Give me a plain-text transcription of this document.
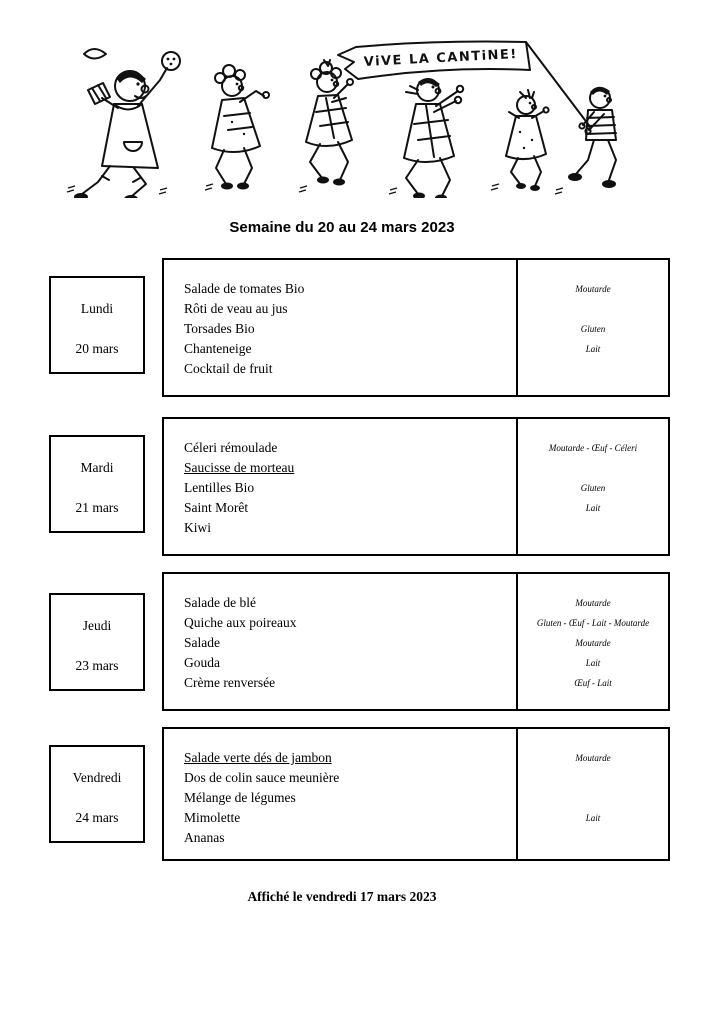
ViVE LA CANTiNE!
Semaine du 20 au 24 mars 2023
Lundi
20 mars
Salade de tomates Bio
Rôti de veau au jus
Torsades Bio
Chanteneige
Cocktail de fruit
Moutarde
Gluten
Lait
Mardi
21 mars
Céleri rémoulade
Saucisse de morteau
Lentilles Bio
Saint Morêt
Kiwi
Moutarde - Œuf - Céleri
Gluten
Lait
Jeudi
23 mars
Salade de blé
Quiche aux poireaux
Salade
Gouda
Crème renversée
Moutarde
Gluten - Œuf - Lait - Moutarde
Moutarde
Lait
Œuf - Lait
Vendredi
24 mars
Salade verte dés de jambon
Dos de colin sauce meunière
Mélange de légumes
Mimolette
Ananas
Moutarde
Lait
Affiché le vendredi 17 mars 2023
